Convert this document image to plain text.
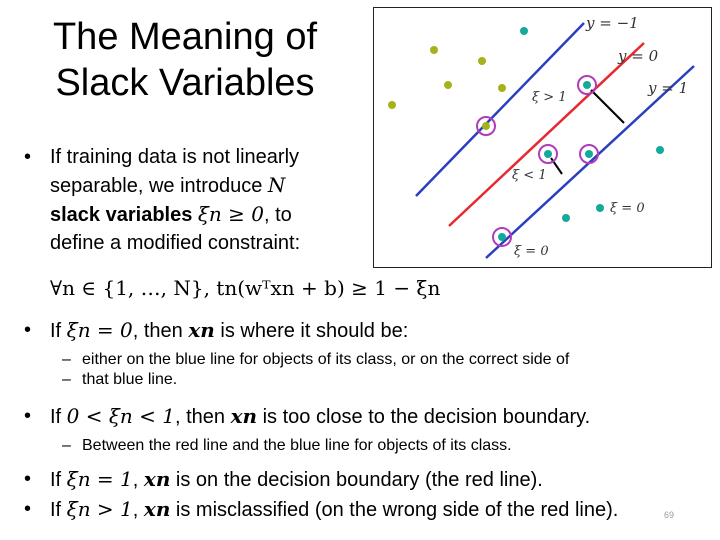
The Meaning of
Slack Variables
y = −1
y = 0
y = 1
ξ > 1
ξ < 1
ξ = 0
ξ = 0
• If training data is not linearly
separable, we introduce N
slack variables ξn ≥ 0, to
define a modified constraint:
∀n ∈ {1, …, N}, tn(wᵀxn + b) ≥ 1 − ξn
• If ξn = 0, then xn is where it should be:
– either on the blue line for objects of its class, or on the correct side of
– that blue line.
• If 0 < ξn < 1, then xn is too close to the decision boundary.
– Between the red line and the blue line for objects of its class.
• If ξn = 1, xn is on the decision boundary (the red line).
• If ξn > 1, xn is misclassified (on the wrong side of the red line).	69
